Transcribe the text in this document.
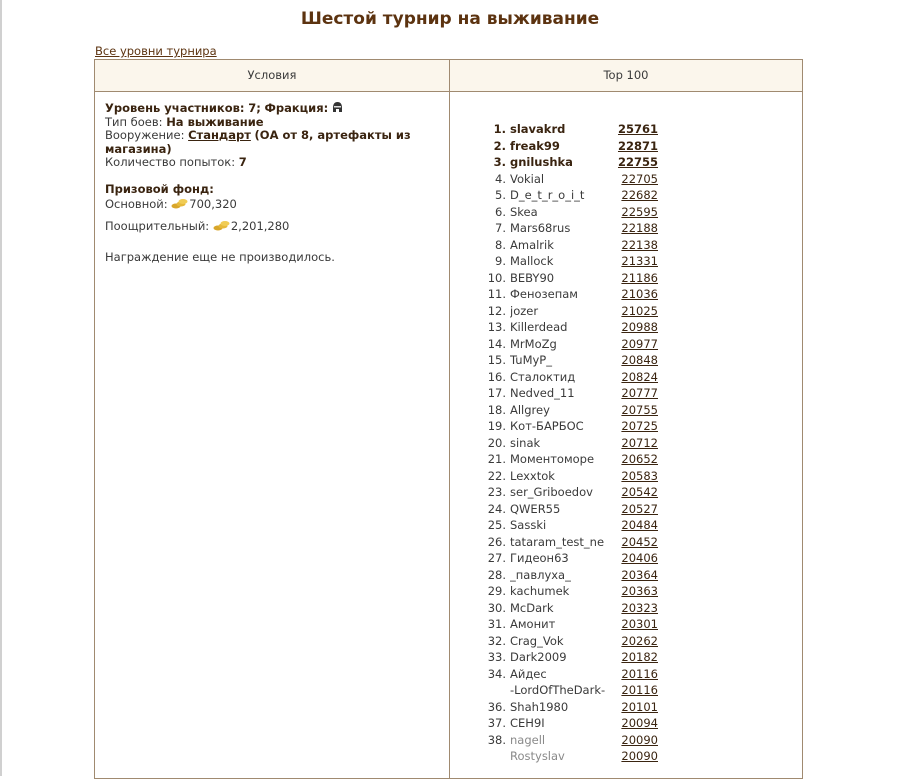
Шестой турнир на выживание
Все уровни турнира
Условия	Top 100
Уровень участников: 7; Фракция:
Тип боев: На выживание
Вооружение: Стандарт (ОА от 8, артефакты из магазина)
Количество попыток: 7
Призовой фонд:
Основной: 700,320
Поощрительный: 2,201,280
Награждение еще не производилось.
1. slavakrd	25761
2. freak99	22871
3. gnilushka	22755
4. Vokial	22705
5. D_e_t_r_o_i_t	22682
6. Skea	22595
7. Mars68rus	22188
8. Amalrik	22138
9. Mallock	21331
10. BEBY90	21186
11. Фенозепам	21036
12. jozer	21025
13. Killerdead	20988
14. MrMoZg	20977
15. TuMyP_	20848
16. Сталоктид	20824
17. Nedved_11	20777
18. Allgrey	20755
19. Кот-БАРБОС	20725
20. sinak	20712
21. Моментоморе	20652
22. Lexxtok	20583
23. ser_Griboedov	20542
24. QWER55	20527
25. Sasski	20484
26. tataram_test_ne	20452
27. Гидеон63	20406
28. _павлуха_	20364
29. kachumek	20363
30. McDark	20323
31. Амонит	20301
32. Crag_Vok	20262
33. Dark2009	20182
34. Айдес	20116
-LordOfTheDark-	20116
36. Shah1980	20101
37. CEH9I	20094
38. nagell	20090
Rostyslav	20090
